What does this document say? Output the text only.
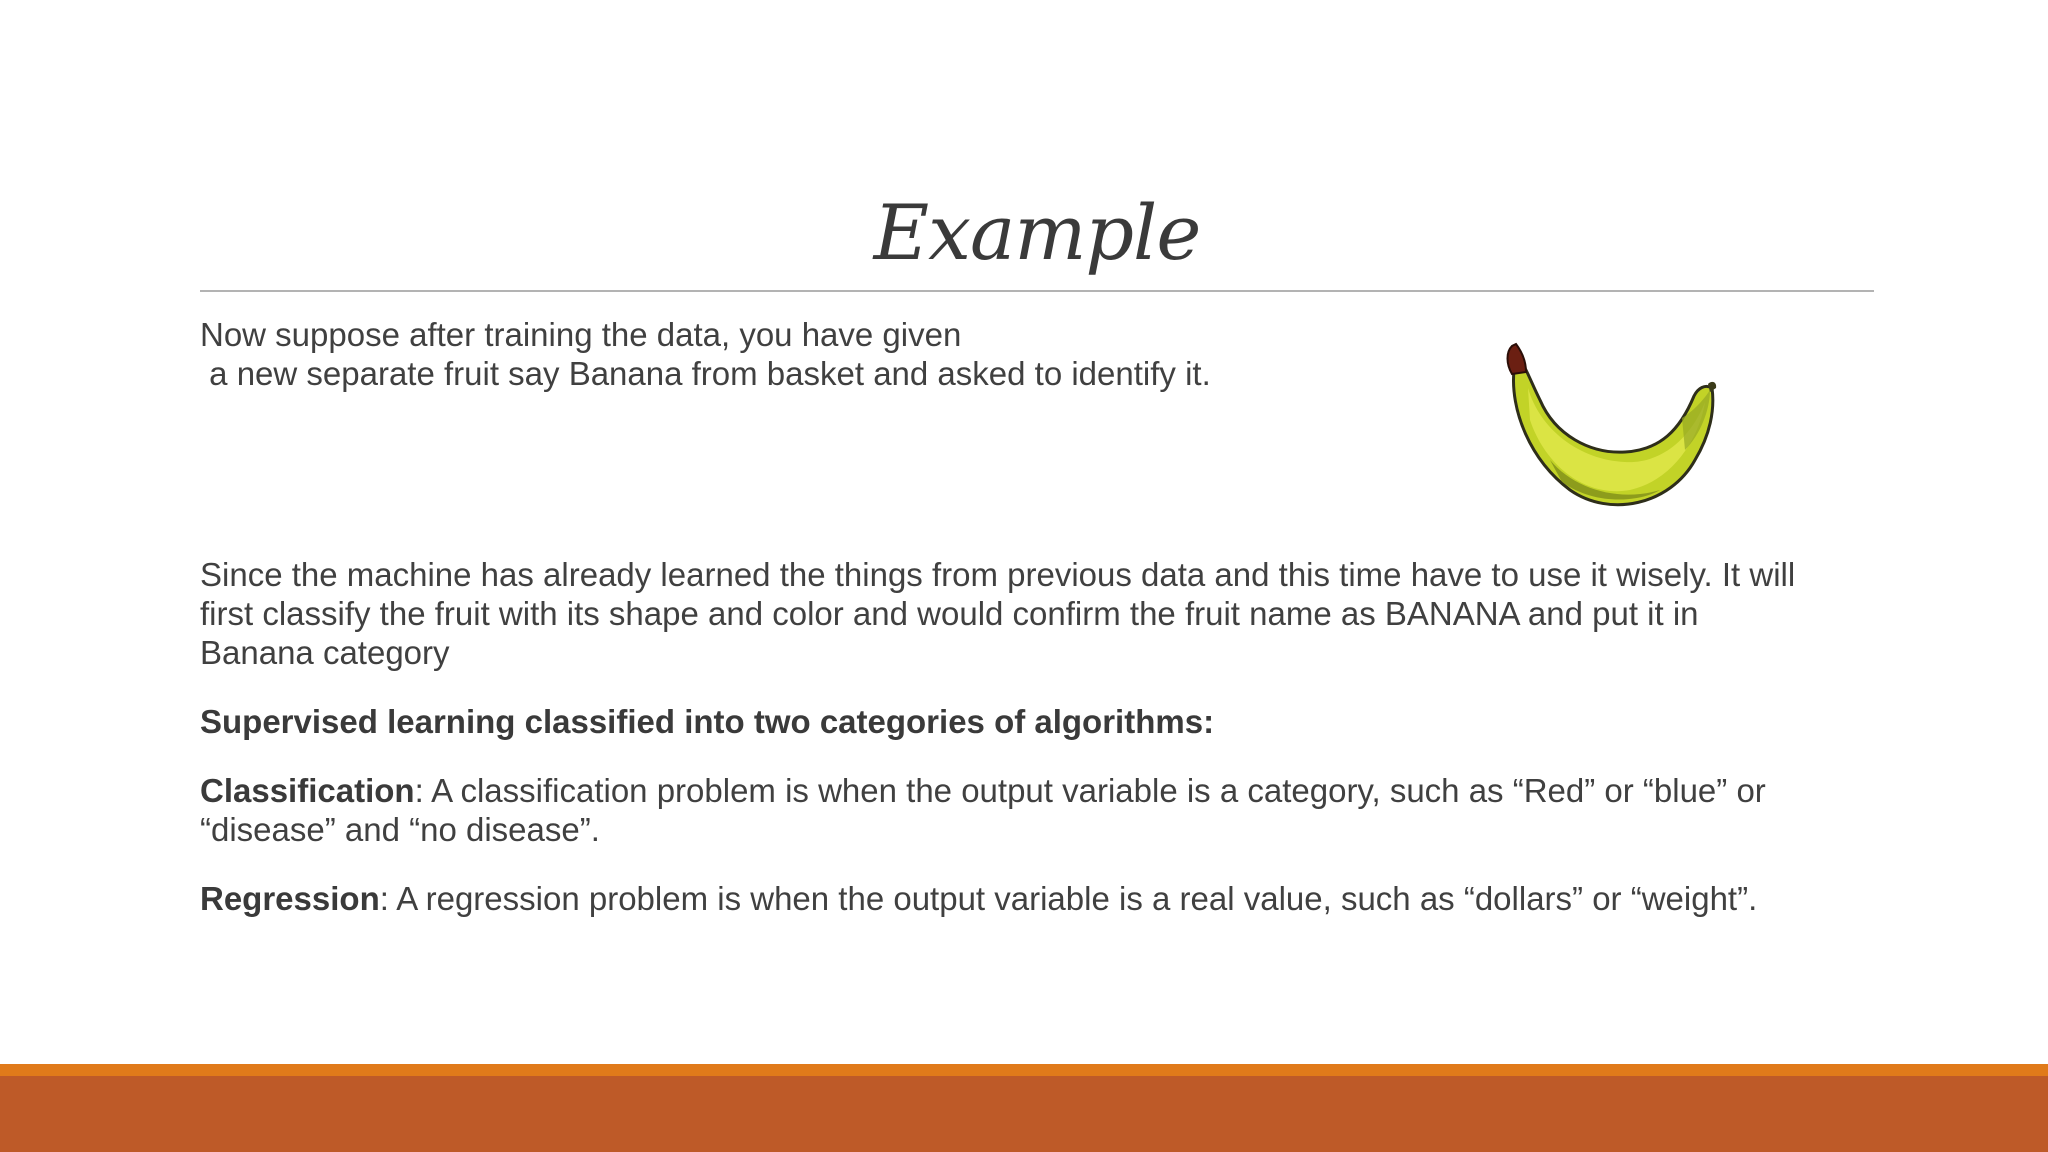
Example
Now suppose after training the data, you have given
a new separate fruit say Banana from basket and asked to identify it.

Since the machine has already learned the things from previous data and this time have to use it wisely. It will first classify the fruit with its shape and color and would confirm the fruit name as BANANA and put it in Banana category

Supervised learning classified into two categories of algorithms:

Classification: A classification problem is when the output variable is a category, such as “Red” or “blue” or “disease” and “no disease”.

Regression: A regression problem is when the output variable is a real value, such as “dollars” or “weight”.
